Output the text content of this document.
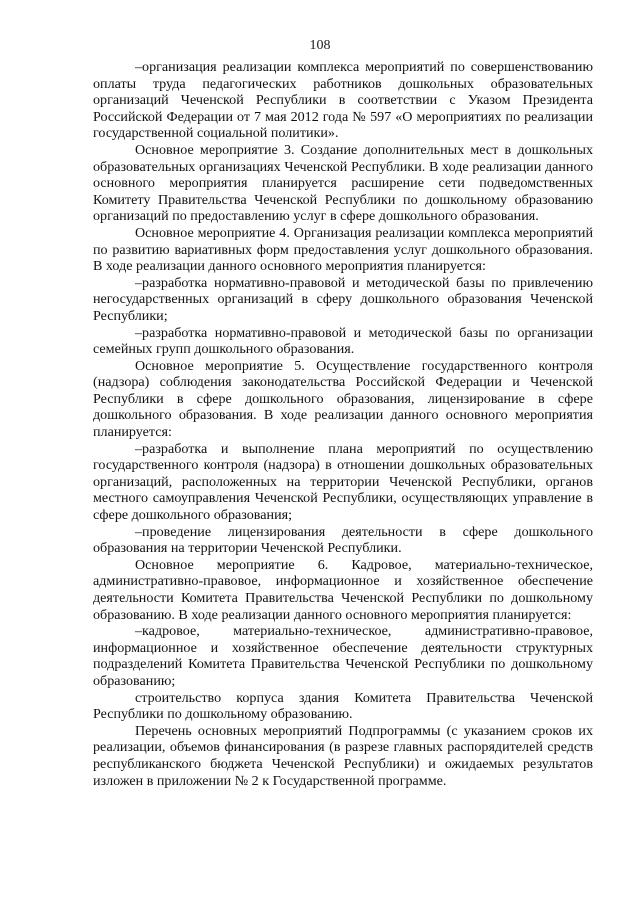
108

–организация реализации комплекса мероприятий по совершенствованию оплаты труда педагогических работников дошкольных образовательных организаций Чеченской Республики в соответствии с Указом Президента Российской Федерации от 7 мая 2012 года № 597 «О мероприятиях по реализации государственной социальной политики».

Основное мероприятие 3. Создание дополнительных мест в дошкольных образовательных организациях Чеченской Республики. В ходе реализации данного основного мероприятия планируется расширение сети подведомственных Комитету Правительства Чеченской Республики по дошкольному образованию организаций по предоставлению услуг в сфере дошкольного образования.

Основное мероприятие 4. Организация реализации комплекса мероприятий по развитию вариативных форм предоставления услуг дошкольного образования. В ходе реализации данного основного мероприятия планируется:

–разработка нормативно-правовой и методической базы по привлечению негосударственных организаций в сферу дошкольного образования Чеченской Республики;

–разработка нормативно-правовой и методической базы по организации семейных групп дошкольного образования.

Основное мероприятие 5. Осуществление государственного контроля (надзора) соблюдения законодательства Российской Федерации и Чеченской Республики в сфере дошкольного образования, лицензирование в сфере дошкольного образования. В ходе реализации данного основного мероприятия планируется:

–разработка и выполнение плана мероприятий по осуществлению государственного контроля (надзора) в отношении дошкольных образовательных организаций, расположенных на территории Чеченской Республики, органов местного самоуправления Чеченской Республики, осуществляющих управление в сфере дошкольного образования;

–проведение лицензирования деятельности в сфере дошкольного образования на территории Чеченской Республики.

Основное мероприятие 6. Кадровое, материально-техническое, административно-правовое, информационное и хозяйственное обеспечение деятельности Комитета Правительства Чеченской Республики по дошкольному образованию. В ходе реализации данного основного мероприятия планируется:

–кадровое, материально-техническое, административно-правовое, информационное и хозяйственное обеспечение деятельности структурных подразделений Комитета Правительства Чеченской Республики по дошкольному образованию;

строительство корпуса здания Комитета Правительства Чеченской Республики по дошкольному образованию.

Перечень основных мероприятий Подпрограммы (с указанием сроков их реализации, объемов финансирования (в разрезе главных распорядителей средств республиканского бюджета Чеченской Республики) и ожидаемых результатов изложен в приложении № 2 к Государственной программе.
